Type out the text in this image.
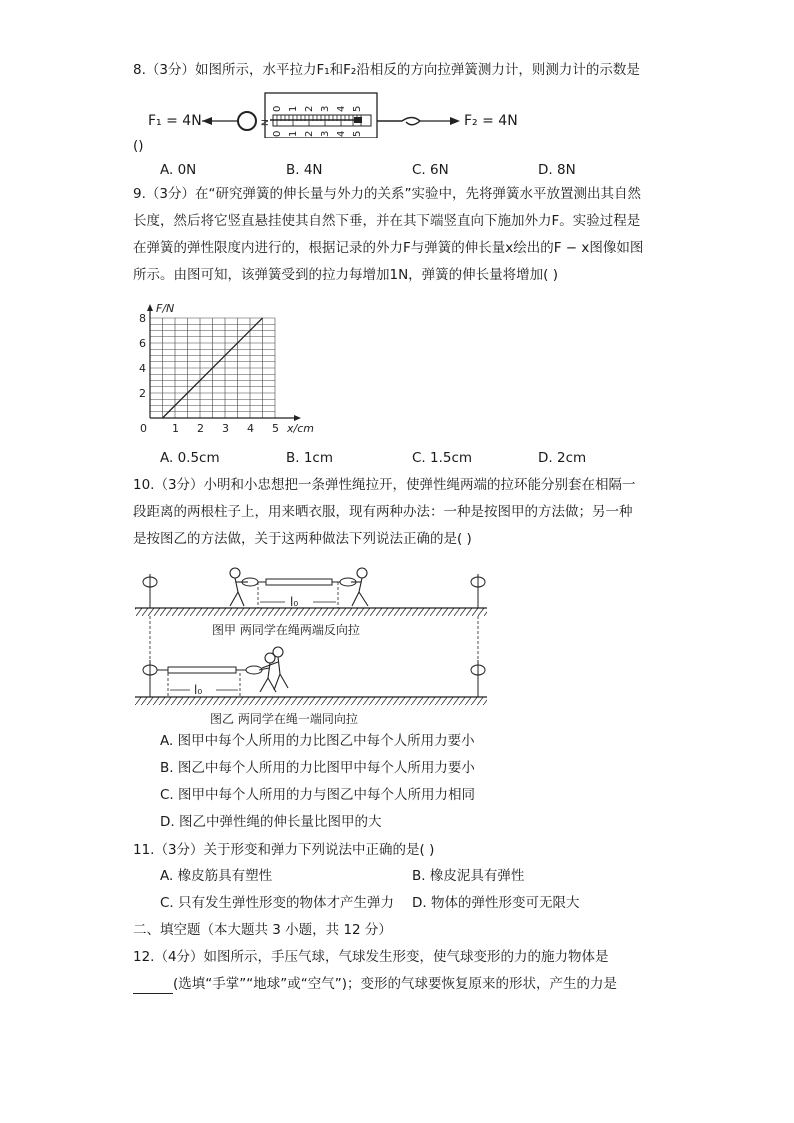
8.（3分）如图所示，水平拉力F₁和F₂沿相反的方向拉弹簧测力计，则测力计的示数是
0 1 2 3 4 5
0 1 2 3 4 5
N
F₁ = 4N	F₂ = 4N
()
A. 0N	B. 4N	C. 6N	D. 8N
9.（3分）在“研究弹簧的伸长量与外力的关系”实验中，先将弹簧水平放置测出其自然
长度，然后将它竖直悬挂使其自然下垂，并在其下端竖直向下施加外力F。实验过程是
在弹簧的弹性限度内进行的，根据记录的外力F与弹簧的伸长量x绘出的F − x图像如图
所示。由图可知，该弹簧受到的拉力每增加1N，弹簧的伸长量将增加( )
0 1 2 3 4 5
2
4
6
8
x/cm
F/N
A. 0.5cm	B. 1cm	C. 1.5cm	D. 2cm
10.（3分）小明和小忠想把一条弹性绳拉开，使弹性绳两端的拉环能分别套在相隔一
段距离的两根柱子上，用来晒衣服，现有两种办法：一种是按图甲的方法做；另一种
是按图乙的方法做，关于这两种做法下列说法正确的是( )
l₀
l₀
图甲 两同学在绳两端反向拉
图乙 两同学在绳一端同向拉
A. 图甲中每个人所用的力比图乙中每个人所用力要小
B. 图乙中每个人所用的力比图甲中每个人所用力要小
C. 图甲中每个人所用的力与图乙中每个人所用力相同
D. 图乙中弹性绳的伸长量比图甲的大
11.（3分）关于形变和弹力下列说法中正确的是( )
A. 橡皮筋具有塑性	B. 橡皮泥具有弹性
C. 只有发生弹性形变的物体才产生弹力 D. 物体的弹性形变可无限大
二、填空题（本大题共 3 小题，共 12 分）
12.（4分）如图所示，手压气球，气球发生形变，使气球变形的力的施力物体是
(选填“手掌”“地球”或“空气”)；变形的气球要恢复原来的形状，产生的力是
